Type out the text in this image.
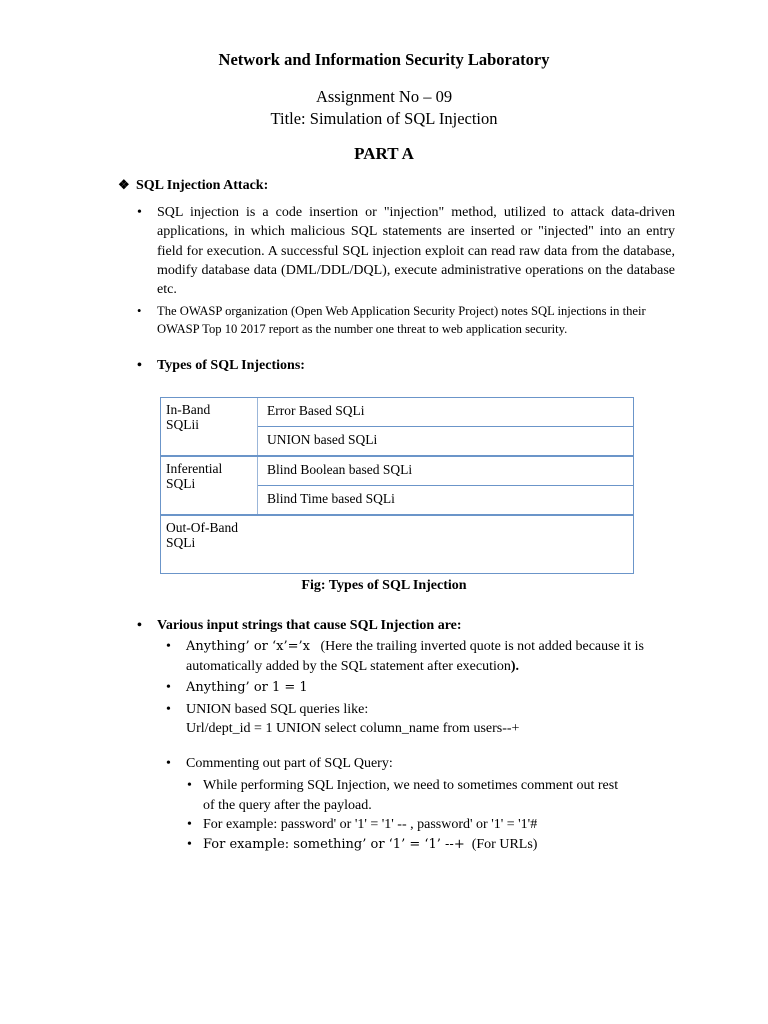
Network and Information Security Laboratory
Assignment No – 09
Title: Simulation of SQL Injection
PART A
❖ SQL Injection Attack:
• SQL injection is a code insertion or "injection" method, utilized to attack data-driven applications, in which malicious SQL statements are inserted or "injected" into an entry field for execution. A successful SQL injection exploit can read raw data from the database, modify database data (DML/DDL/DQL), execute administrative operations on the database etc.
• The OWASP organization (Open Web Application Security Project) notes SQL injections in their OWASP Top 10 2017 report as the number one threat to web application security.
• Types of SQL Injections:
In-Band
SQLii
Error Based SQLi
UNION based SQLi
Inferential
SQLi
Blind Boolean based SQLi
Blind Time based SQLi
Out-Of-Band
SQLi
Fig: Types of SQL Injection
• Various input strings that cause SQL Injection are:
• Anything’ or ‘x’=’x (Here the trailing inverted quote is not added because it is automatically added by the SQL statement after execution).
• Anything’ or 1 = 1
• UNION based SQL queries like:
Url/dept_id = 1 UNION select column_name from users--+
• Commenting out part of SQL Query:
• While performing SQL Injection, we need to sometimes comment out rest of the query after the payload.
• For example: password' or '1' = '1' -- , password' or '1' = '1'#
• For example: something’ or ‘1’ = ‘1’ --+ (For URLs)
